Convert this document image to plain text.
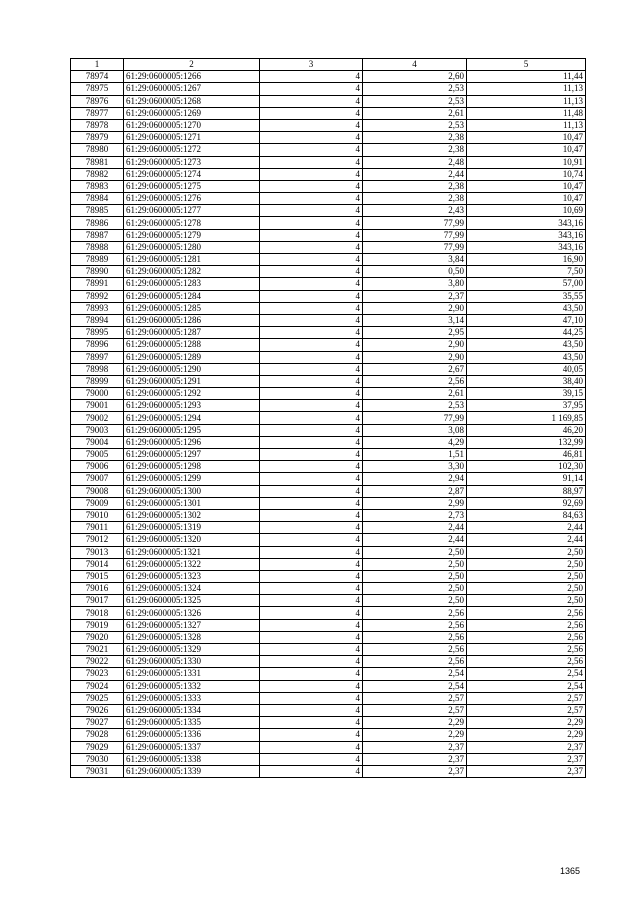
1	2	3	4	5
78974	61:29:0600005:1266	4	2,60	11,44
78975	61:29:0600005:1267	4	2,53	11,13
78976	61:29:0600005:1268	4	2,53	11,13
78977	61:29:0600005:1269	4	2,61	11,48
78978	61:29:0600005:1270	4	2,53	11,13
78979	61:29:0600005:1271	4	2,38	10,47
78980	61:29:0600005:1272	4	2,38	10,47
78981	61:29:0600005:1273	4	2,48	10,91
78982	61:29:0600005:1274	4	2,44	10,74
78983	61:29:0600005:1275	4	2,38	10,47
78984	61:29:0600005:1276	4	2,38	10,47
78985	61:29:0600005:1277	4	2,43	10,69
78986	61:29:0600005:1278	4	77,99	343,16
78987	61:29:0600005:1279	4	77,99	343,16
78988	61:29:0600005:1280	4	77,99	343,16
78989	61:29:0600005:1281	4	3,84	16,90
78990	61:29:0600005:1282	4	0,50	7,50
78991	61:29:0600005:1283	4	3,80	57,00
78992	61:29:0600005:1284	4	2,37	35,55
78993	61:29:0600005:1285	4	2,90	43,50
78994	61:29:0600005:1286	4	3,14	47,10
78995	61:29:0600005:1287	4	2,95	44,25
78996	61:29:0600005:1288	4	2,90	43,50
78997	61:29:0600005:1289	4	2,90	43,50
78998	61:29:0600005:1290	4	2,67	40,05
78999	61:29:0600005:1291	4	2,56	38,40
79000	61:29:0600005:1292	4	2,61	39,15
79001	61:29:0600005:1293	4	2,53	37,95
79002	61:29:0600005:1294	4	77,99	1 169,85
79003	61:29:0600005:1295	4	3,08	46,20
79004	61:29:0600005:1296	4	4,29	132,99
79005	61:29:0600005:1297	4	1,51	46,81
79006	61:29:0600005:1298	4	3,30	102,30
79007	61:29:0600005:1299	4	2,94	91,14
79008	61:29:0600005:1300	4	2,87	88,97
79009	61:29:0600005:1301	4	2,99	92,69
79010	61:29:0600005:1302	4	2,73	84,63
79011	61:29:0600005:1319	4	2,44	2,44
79012	61:29:0600005:1320	4	2,44	2,44
79013	61:29:0600005:1321	4	2,50	2,50
79014	61:29:0600005:1322	4	2,50	2,50
79015	61:29:0600005:1323	4	2,50	2,50
79016	61:29:0600005:1324	4	2,50	2,50
79017	61:29:0600005:1325	4	2,50	2,50
79018	61:29:0600005:1326	4	2,56	2,56
79019	61:29:0600005:1327	4	2,56	2,56
79020	61:29:0600005:1328	4	2,56	2,56
79021	61:29:0600005:1329	4	2,56	2,56
79022	61:29:0600005:1330	4	2,56	2,56
79023	61:29:0600005:1331	4	2,54	2,54
79024	61:29:0600005:1332	4	2,54	2,54
79025	61:29:0600005:1333	4	2,57	2,57
79026	61:29:0600005:1334	4	2,57	2,57
79027	61:29:0600005:1335	4	2,29	2,29
79028	61:29:0600005:1336	4	2,29	2,29
79029	61:29:0600005:1337	4	2,37	2,37
79030	61:29:0600005:1338	4	2,37	2,37
79031	61:29:0600005:1339	4	2,37	2,37
1365
